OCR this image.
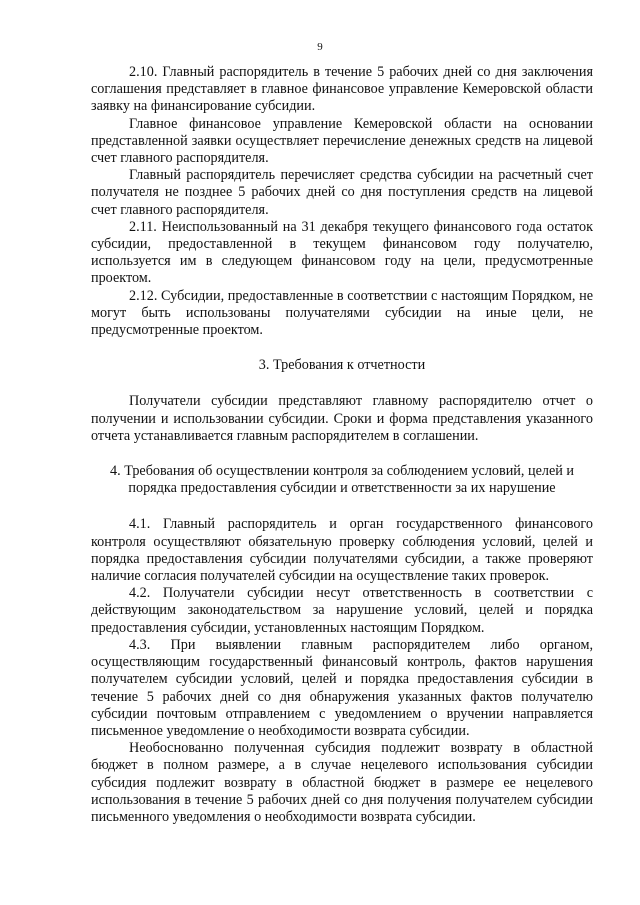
9

2.10. Главный распорядитель в течение 5 рабочих дней со дня заключения соглашения представляет в главное финансовое управление Кемеровской области заявку на финансирование субсидии.

Главное финансовое управление Кемеровской области на основании представленной заявки осуществляет перечисление денежных средств на лицевой счет главного распорядителя.

Главный распорядитель перечисляет средства субсидии на расчетный счет получателя не позднее 5 рабочих дней со дня поступления средств на лицевой счет главного распорядителя.

2.11. Неиспользованный на 31 декабря текущего финансового года остаток субсидии, предоставленной в текущем финансовом году получателю, используется им в следующем финансовом году на цели, предусмотренные проектом.

2.12. Субсидии, предоставленные в соответствии с настоящим Порядком, не могут быть использованы получателями субсидии на иные цели, не предусмотренные проектом.

3. Требования к отчетности

Получатели субсидии представляют главному распорядителю отчет о получении и использовании субсидии. Сроки и форма представления указанного отчета устанавливается главным распорядителем в соглашении.

4. Требования об осуществлении контроля за соблюдением условий, целей и
порядка предоставления субсидии и ответственности за их нарушение

4.1. Главный распорядитель и орган государственного финансового контроля осуществляют обязательную проверку соблюдения условий, целей и порядка предоставления субсидии получателями субсидии, а также проверяют наличие согласия получателей субсидии на осуществление таких проверок.

4.2. Получатели субсидии несут ответственность в соответствии с действующим законодательством за нарушение условий, целей и порядка предоставления субсидии, установленных настоящим Порядком.

4.3. При выявлении главным распорядителем либо органом, осуществляющим государственный финансовый контроль, фактов нарушения получателем субсидии условий, целей и порядка предоставления субсидии в течение 5 рабочих дней со дня обнаружения указанных фактов получателю субсидии почтовым отправлением с уведомлением о вручении направляется письменное уведомление о необходимости возврата субсидии.

Необоснованно полученная субсидия подлежит возврату в областной бюджет в полном размере, а в случае нецелевого использования субсидии субсидия подлежит возврату в областной бюджет в размере ее нецелевого использования в течение 5 рабочих дней со дня получения получателем субсидии письменного уведомления о необходимости возврата субсидии.
